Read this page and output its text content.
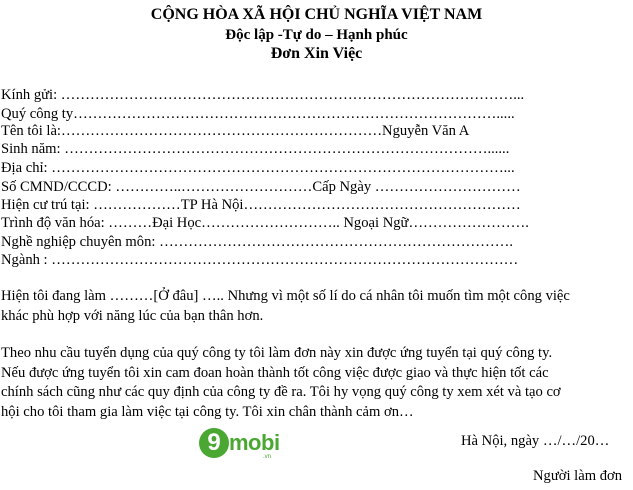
CỘNG HÒA XÃ HỘI CHỦ NGHĨA VIỆT NAM
Độc lập -Tự do – Hạnh phúc
Đơn Xin Việc
Kính gửi: …………………………………………………………………………………...
Quý công ty…………………………………………………………………………….....
Tên tôi là:…………………………………………………………Nguyễn Văn A
Sinh năm: ……………………………………………………………………………......
Địa chỉ: …………………………………………………………………………………...
Số CMND/CCCD: …………..………………………Cấp Ngày …………………………
Hiện cư trú tại: ………………TP Hà Nội…………………………………………………
Trình độ văn hóa: ………Đại Học……………………….. Ngoại Ngữ…………………….
Nghề nghiệp chuyên môn: ……………………………………………………………….
Ngành : ……………………………………………………………………………………
Hiện tôi đang làm ………[Ở đâu] ….. Nhưng vì một số lí do cá nhân tôi muốn tìm một công việc
khác phù hợp với năng lúc của bạn thân hơn.
Theo nhu cầu tuyển dụng của quý công ty tôi làm đơn này xin được ứng tuyển tại quý công ty.
Nếu được ứng tuyển tôi xin cam đoan hoàn thành tốt công việc được giao và thực hiện tốt các
chính sách cũng như các quy định của công ty đề ra. Tôi hy vọng quý công ty xem xét và tạo cơ
hội cho tôi tham gia làm việc tại công ty. Tôi xin chân thành cảm ơn…
9 mobi
.vn
Hà Nội, ngày …/…/20…
Người làm đơn
